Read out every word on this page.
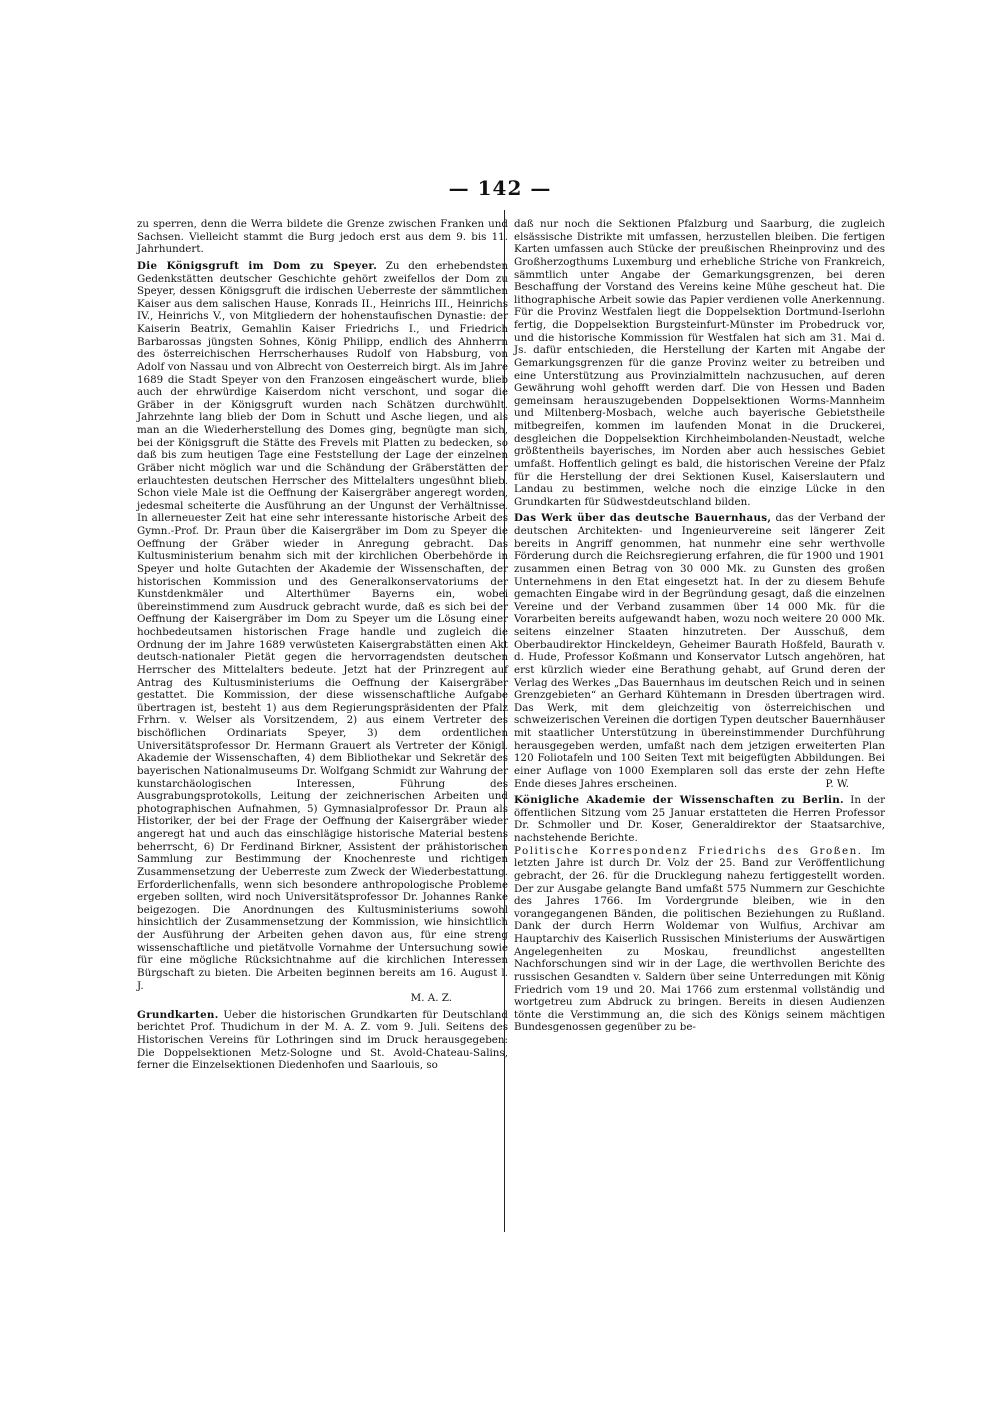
— 142 —

zu sperren, denn die Werra bildete die Grenze zwischen Franken und Sachsen. Vielleicht stammt die Burg jedoch erst aus dem 9. bis 11. Jahrhundert.

Die Königsgruft im Dom zu Speyer. Zu den erhebendsten Gedenkstätten deutscher Geschichte gehört zweifellos der Dom zu Speyer, dessen Königsgruft die irdischen Ueberreste der sämmtlichen Kaiser aus dem salischen Hause, Konrads II., Heinrichs III., Heinrichs IV., Heinrichs V., von Mitgliedern der hohenstaufischen Dynastie: der Kaiserin Beatrix, Gemahlin Kaiser Friedrichs I., und Friedrich Barbarossas jüngsten Sohnes, König Philipp, endlich des Ahnherrn des österreichischen Herrscherhauses Rudolf von Habsburg, von Adolf von Nassau und von Albrecht von Oesterreich birgt. Als im Jahre 1689 die Stadt Speyer von den Franzosen eingeäschert wurde, blieb auch der ehrwürdige Kaiserdom nicht verschont, und sogar die Gräber in der Königsgruft wurden nach Schätzen durchwühlt. Jahrzehnte lang blieb der Dom in Schutt und Asche liegen, und als man an die Wiederherstellung des Domes ging, begnügte man sich, bei der Königsgruft die Stätte des Frevels mit Platten zu bedecken, so daß bis zum heutigen Tage eine Feststellung der Lage der einzelnen Gräber nicht möglich war und die Schändung der Gräberstätten der erlauchtesten deutschen Herrscher des Mittelalters ungesühnt blieb. Schon viele Male ist die Oeffnung der Kaisergräber angeregt worden, jedesmal scheiterte die Ausführung an der Ungunst der Verhältnisse. In allerneuester Zeit hat eine sehr interessante historische Arbeit des Gymn.-Prof. Dr. Praun über die Kaisergräber im Dom zu Speyer die Oeffnung der Gräber wieder in Anregung gebracht. Das Kultusministerium benahm sich mit der kirchlichen Oberbehörde in Speyer und holte Gutachten der Akademie der Wissenschaften, der historischen Kommission und des Generalkonservatoriums der Kunstdenkmäler und Alterthümer Bayerns ein, wobei übereinstimmend zum Ausdruck gebracht wurde, daß es sich bei der Oeffnung der Kaisergräber im Dom zu Speyer um die Lösung einer hochbedeutsamen historischen Frage handle und zugleich die Ordnung der im Jahre 1689 verwüsteten Kaisergrabstätten einen Akt deutsch-nationaler Pietät gegen die hervorragendsten deutschen Herrscher des Mittelalters bedeute. Jetzt hat der Prinzregent auf Antrag des Kultusministeriums die Oeffnung der Kaisergräber gestattet. Die Kommission, der diese wissenschaftliche Aufgabe übertragen ist, besteht 1) aus dem Regierungspräsidenten der Pfalz Frhrn. v. Welser als Vorsitzendem, 2) aus einem Vertreter des bischöflichen Ordinariats Speyer, 3) dem ordentlichen Universitätsprofessor Dr. Hermann Grauert als Vertreter der Königl. Akademie der Wissenschaften, 4) dem Bibliothekar und Sekretär des bayerischen Nationalmuseums Dr. Wolfgang Schmidt zur Wahrung der kunstarchäologischen Interessen, Führung des Ausgrabungsprotokolls, Leitung der zeichnerischen Arbeiten und photographischen Aufnahmen, 5) Gymnasialprofessor Dr. Praun als Historiker, der bei der Frage der Oeffnung der Kaisergräber wieder angeregt hat und auch das einschlägige historische Material bestens beherrscht, 6) Dr Ferdinand Birkner, Assistent der prähistorischen Sammlung zur Bestimmung der Knochenreste und richtigen Zusammensetzung der Ueberreste zum Zweck der Wiederbestattung. Erforderlichenfalls, wenn sich besondere anthropologische Probleme ergeben sollten, wird noch Universitätsprofessor Dr. Johannes Ranke beigezogen. Die Anordnungen des Kultusministeriums sowohl hinsichtlich der Zusammensetzung der Kommission, wie hinsichtlich der Ausführung der Arbeiten gehen davon aus, für eine streng wissenschaftliche und pietätvolle Vornahme der Untersuchung sowie für eine mögliche Rücksichtnahme auf die kirchlichen Interessen Bürgschaft zu bieten. Die Arbeiten beginnen bereits am 16. August l. J.
M. A. Z.

Grundkarten. Ueber die historischen Grundkarten für Deutschland berichtet Prof. Thudichum in der M. A. Z. vom 9. Juli. Seitens des Historischen Vereins für Lothringen sind im Druck herausgegeben: Die Doppelsektionen Metz-Sologne und St. Avold-Chateau-Salins, ferner die Einzelsektionen Diedenhofen und Saarlouis, so

daß nur noch die Sektionen Pfalzburg und Saarburg, die zugleich elsässische Distrikte mit umfassen, herzustellen bleiben. Die fertigen Karten umfassen auch Stücke der preußischen Rheinprovinz und des Großherzogthums Luxemburg und erhebliche Striche von Frankreich, sämmtlich unter Angabe der Gemarkungsgrenzen, bei deren Beschaffung der Vorstand des Vereins keine Mühe gescheut hat. Die lithographische Arbeit sowie das Papier verdienen volle Anerkennung. Für die Provinz Westfalen liegt die Doppelsektion Dortmund-Iserlohn fertig, die Doppelsektion Burgsteinfurt-Münster im Probedruck vor, und die historische Kommission für Westfalen hat sich am 31. Mai d. Js. dafür entschieden, die Herstellung der Karten mit Angabe der Gemarkungsgrenzen für die ganze Provinz weiter zu betreiben und eine Unterstützung aus Provinzialmitteln nachzusuchen, auf deren Gewährung wohl gehofft werden darf. Die von Hessen und Baden gemeinsam herauszugebenden Doppelsektionen Worms-Mannheim und Miltenberg-Mosbach, welche auch bayerische Gebietstheile mitbegreifen, kommen im laufenden Monat in die Druckerei, desgleichen die Doppelsektion Kirchheimbolanden-Neustadt, welche größtentheils bayerisches, im Norden aber auch hessisches Gebiet umfaßt. Hoffentlich gelingt es bald, die historischen Vereine der Pfalz für die Herstellung der drei Sektionen Kusel, Kaiserslautern und Landau zu bestimmen, welche noch die einzige Lücke in den Grundkarten für Südwestdeutschland bilden.

Das Werk über das deutsche Bauernhaus, das der Verband der deutschen Architekten- und Ingenieurvereine seit längerer Zeit bereits in Angriff genommen, hat nunmehr eine sehr werthvolle Förderung durch die Reichsregierung erfahren, die für 1900 und 1901 zusammen einen Betrag von 30 000 Mk. zu Gunsten des großen Unternehmens in den Etat eingesetzt hat. In der zu diesem Behufe gemachten Eingabe wird in der Begründung gesagt, daß die einzelnen Vereine und der Verband zusammen über 14 000 Mk. für die Vorarbeiten bereits aufgewandt haben, wozu noch weitere 20 000 Mk. seitens einzelner Staaten hinzutreten. Der Ausschuß, dem Oberbaudirektor Hinckeldeyn, Geheimer Baurath Hoßfeld, Baurath v. d. Hude, Professor Koßmann und Konservator Lutsch angehören, hat erst kürzlich wieder eine Berathung gehabt, auf Grund deren der Verlag des Werkes „Das Bauernhaus im deutschen Reich und in seinen Grenzgebieten“ an Gerhard Kühtemann in Dresden übertragen wird. Das Werk, mit dem gleichzeitig von österreichischen und schweizerischen Vereinen die dortigen Typen deutscher Bauernhäuser mit staatlicher Unterstützung in übereinstimmender Durchführung herausgegeben werden, umfaßt nach dem jetzigen erweiterten Plan 120 Foliotafeln und 100 Seiten Text mit beigefügten Abbildungen. Bei einer Auflage von 1000 Exemplaren soll das erste der zehn Hefte Ende dieses Jahres erscheinen.	P. W.

Königliche Akademie der Wissenschaften zu Berlin. In der öffentlichen Sitzung vom 25 Januar erstatteten die Herren Professor Dr. Schmoller und Dr. Koser, Generaldirektor der Staatsarchive, nachstehende Berichte.

Politische Korrespondenz Friedrichs des Großen. Im letzten Jahre ist durch Dr. Volz der 25. Band zur Veröffentlichung gebracht, der 26. für die Drucklegung nahezu fertiggestellt worden. Der zur Ausgabe gelangte Band umfaßt 575 Nummern zur Geschichte des Jahres 1766. Im Vordergrunde bleiben, wie in den vorangegangenen Bänden, die politischen Beziehungen zu Rußland. Dank der durch Herrn Woldemar von Wulfius, Archivar am Hauptarchiv des Kaiserlich Russischen Ministeriums der Auswärtigen Angelegenheiten zu Moskau, freundlichst angestellten Nachforschungen sind wir in der Lage, die werthvollen Berichte des russischen Gesandten v. Saldern über seine Unterredungen mit König Friedrich vom 19 und 20. Mai 1766 zum erstenmal vollständig und wortgetreu zum Abdruck zu bringen. Bereits in diesen Audienzen tönte die Verstimmung an, die sich des Königs seinem mächtigen Bundesgenossen gegenüber zu be-
